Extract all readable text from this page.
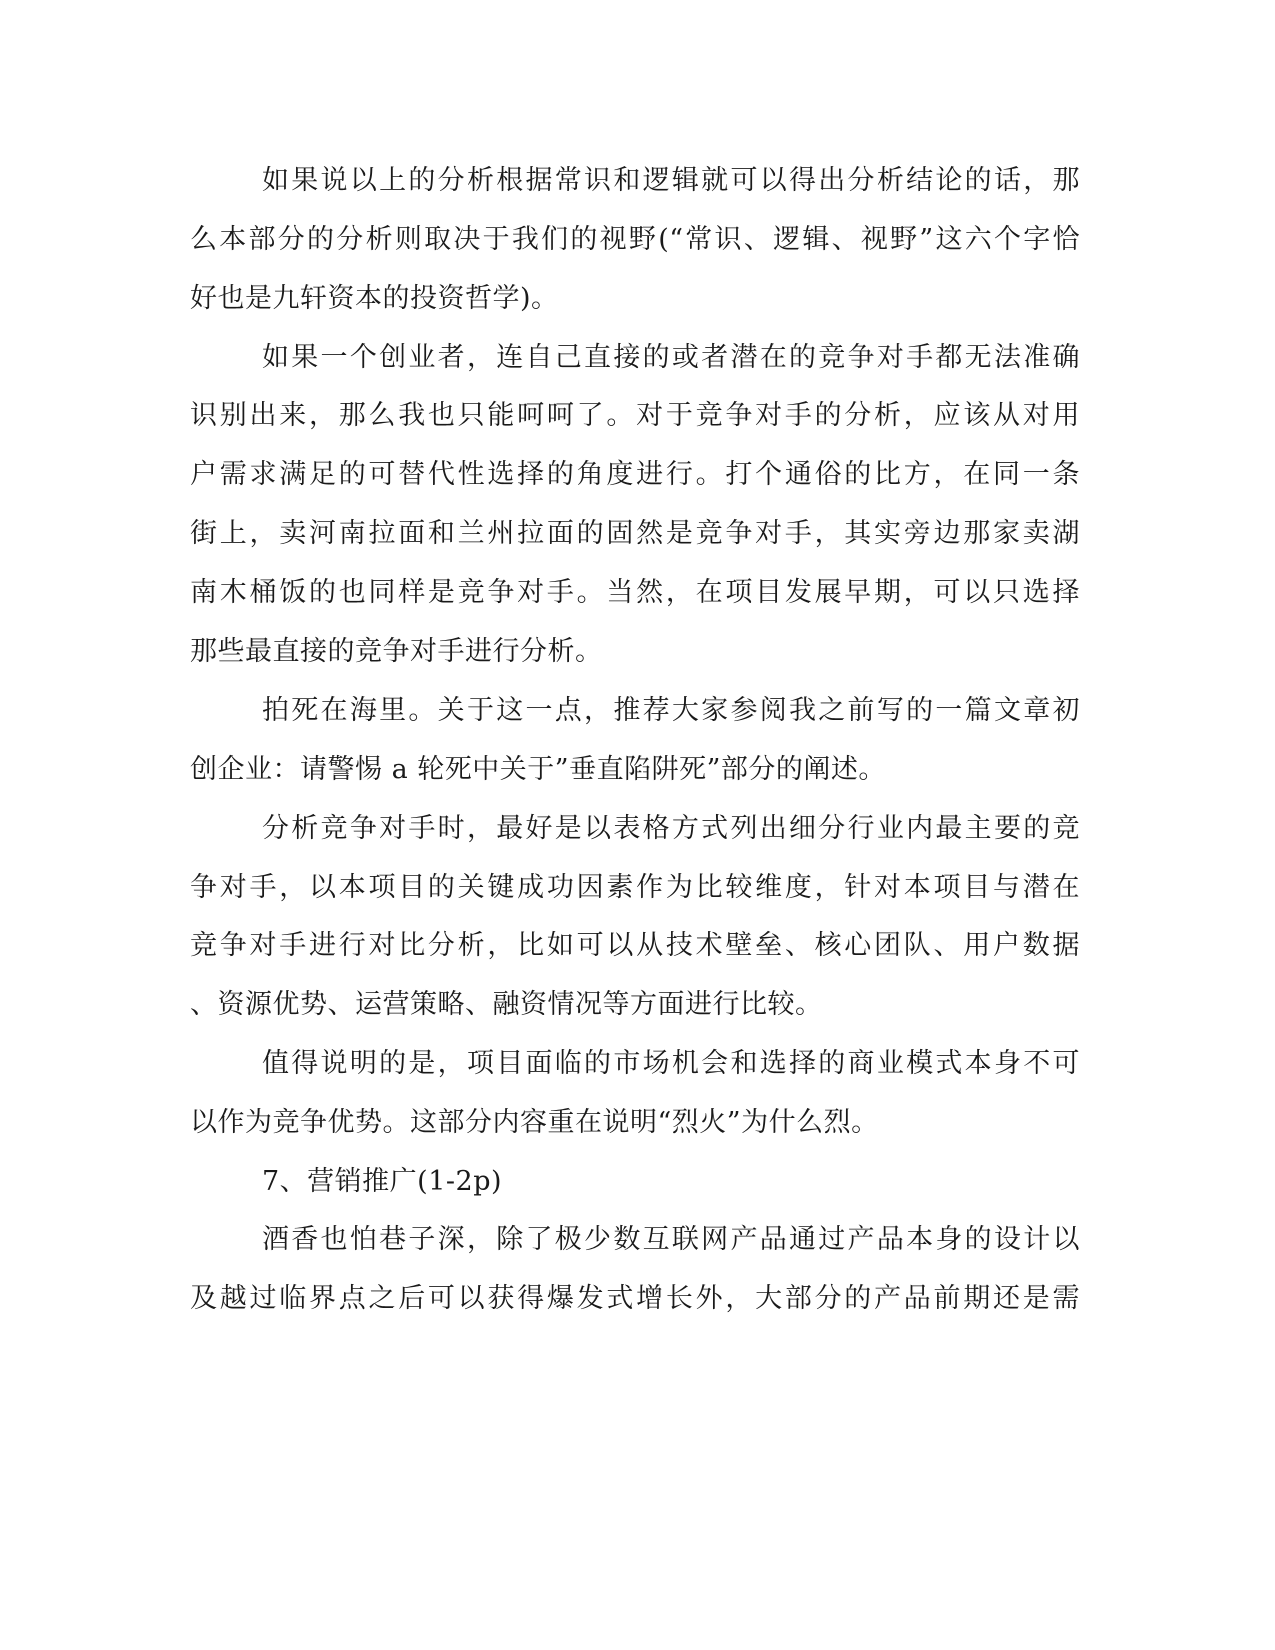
如果说以上的分析根据常识和逻辑就可以得出分析结论的话，那
么本部分的分析则取决于我们的视野(“常识、逻辑、视野”这六个字恰
好也是九轩资本的投资哲学)。
如果一个创业者，连自己直接的或者潜在的竞争对手都无法准确
识别出来，那么我也只能呵呵了。对于竞争对手的分析，应该从对用
户需求满足的可替代性选择的角度进行。打个通俗的比方，在同一条
街上，卖河南拉面和兰州拉面的固然是竞争对手，其实旁边那家卖湖
南木桶饭的也同样是竞争对手。当然，在项目发展早期，可以只选择
那些最直接的竞争对手进行分析。
拍死在海里。关于这一点，推荐大家参阅我之前写的一篇文章初
创企业：请警惕 a 轮死中关于”垂直陷阱死”部分的阐述。
分析竞争对手时，最好是以表格方式列出细分行业内最主要的竞
争对手，以本项目的关键成功因素作为比较维度，针对本项目与潜在
竞争对手进行对比分析，比如可以从技术壁垒、核心团队、用户数据
、资源优势、运营策略、融资情况等方面进行比较。
值得说明的是，项目面临的市场机会和选择的商业模式本身不可
以作为竞争优势。这部分内容重在说明“烈火”为什么烈。
7、营销推广(1-2p)
酒香也怕巷子深，除了极少数互联网产品通过产品本身的设计以
及越过临界点之后可以获得爆发式增长外，大部分的产品前期还是需
